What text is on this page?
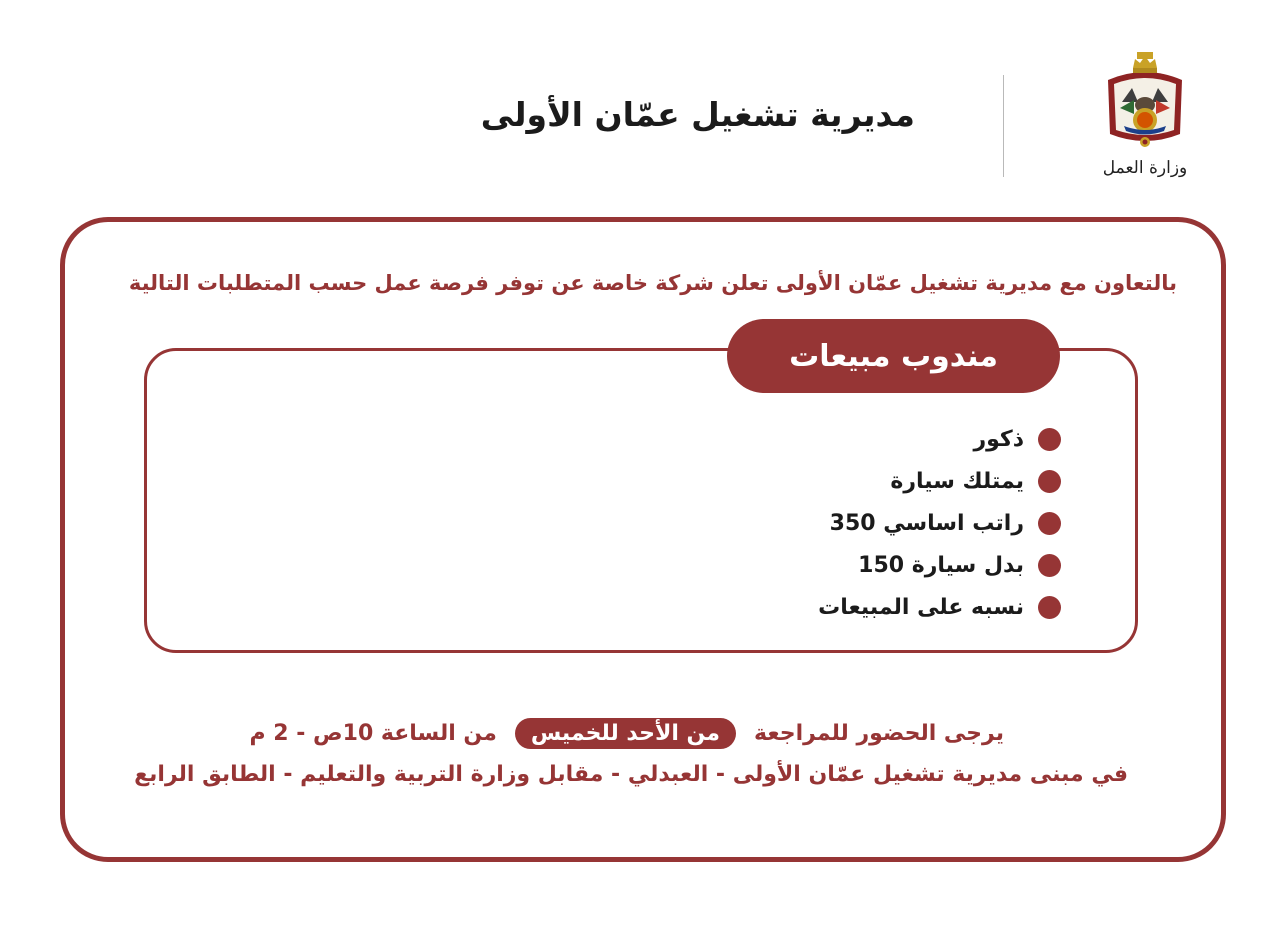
وزارة العمل
مديرية تشغيل عمّان الأولى
بالتعاون مع مديرية تشغيل عمّان الأولى تعلن شركة خاصة عن توفر فرصة عمل حسب المتطلبات التالية
مندوب مبيعات
ذكور
يمتلك سيارة
راتب اساسي 350
بدل سيارة 150
نسبه على المبيعات
يرجى الحضور للمراجعة
من الأحد للخميس
من الساعة 10ص - 2 م
في مبنى مديرية تشغيل عمّان الأولى - العبدلي - مقابل وزارة التربية والتعليم - الطابق الرابع
